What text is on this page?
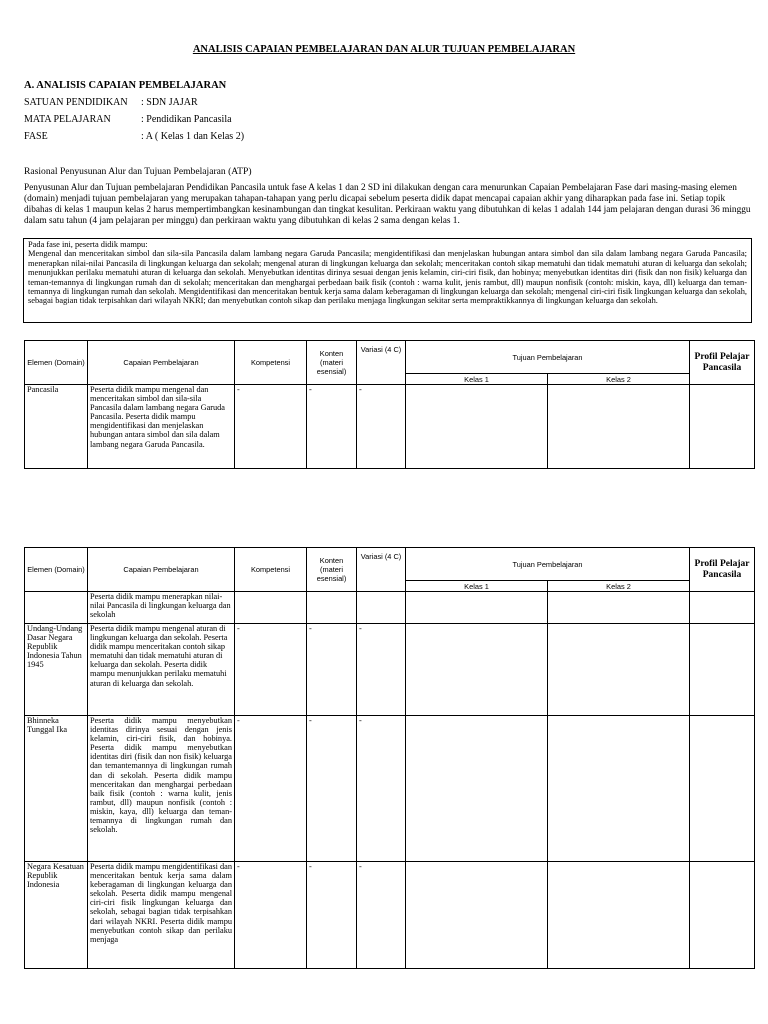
ANALISIS CAPAIAN PEMBELAJARAN DAN ALUR TUJUAN PEMBELAJARAN
A. ANALISIS CAPAIAN PEMBELAJARAN
SATUAN PENDIDIKAN : SDN JAJAR
MATA PELAJARAN	: Pendidikan Pancasila
FASE	: A ( Kelas 1 dan Kelas 2)
Rasional Penyusunan Alur dan Tujuan Pembelajaran (ATP)
Penyusunan Alur dan Tujuan pembelajaran Pendidikan Pancasila untuk fase A kelas 1 dan 2 SD ini dilakukan dengan cara menurunkan Capaian Pembelajaran Fase dari masing-masing elemen (domain) menjadi tujuan pembelajaran yang merupakan tahapan-tahapan yang perlu dicapai sebelum peserta didik dapat mencapai capaian akhir yang diharapkan pada fase ini. Setiap topik dibahas di kelas 1 maupun kelas 2 harus mempertimbangkan kesinambungan dan tingkat kesulitan. Perkiraan waktu yang dibutuhkan di kelas 1 adalah 144 jam pelajaran dengan durasi 36 minggu dalam satu tahun (4 jam pelajaran per minggu) dan perkiraan waktu yang dibutuhkan di kelas 2 sama dengan kelas 1.
Pada fase ini, peserta didik mampu:
Mengenal dan menceritakan simbol dan sila-sila Pancasila dalam lambang negara Garuda Pancasila; mengidentifikasi dan menjelaskan hubungan antara simbol dan sila dalam lambang negara Garuda Pancasila; menerapkan nilai-nilai Pancasila di lingkungan keluarga dan sekolah; mengenal aturan di lingkungan keluarga dan sekolah; menceritakan contoh sikap mematuhi dan tidak mematuhi aturan di keluarga dan sekolah; menunjukkan perilaku mematuhi aturan di keluarga dan sekolah. Menyebutkan identitas dirinya sesuai dengan jenis kelamin, ciri-ciri fisik, dan hobinya; menyebutkan identitas diri (fisik dan non fisik) keluarga dan teman-temannya di lingkungan rumah dan di sekolah; menceritakan dan menghargai perbedaan baik fisik (contoh : warna kulit, jenis rambut, dll) maupun nonfisik (contoh: miskin, kaya, dll) keluarga dan teman-temannya di lingkungan rumah dan sekolah. Mengidentifikasi dan menceritakan bentuk kerja sama dalam keberagaman di lingkungan keluarga dan sekolah; mengenal ciri-ciri fisik lingkungan keluarga dan sekolah, sebagai bagian tidak terpisahkan dari wilayah NKRI; dan menyebutkan contoh sikap dan perilaku menjaga lingkungan sekitar serta mempraktikkannya di lingkungan keluarga dan sekolah.
Elemen (Domain)	Capaian Pembelajaran	Kompetensi	Konten (materi esensial)	Variasi (4 C)	Tujuan Pembelajaran		Profil Pelajar Pancasila
					Kelas 1	Kelas 2	
Pancasila	Peserta didik mampu mengenal dan menceritakan simbol dan sila-sila Pancasila dalam lambang negara Garuda Pancasila. Peserta didik mampu mengidentifikasi dan menjelaskan hubungan antara simbol dan sila dalam lambang negara Garuda Pancasila.	-	-	-			
Elemen (Domain)	Capaian Pembelajaran	Kompetensi	Konten (materi esensial)	Variasi (4 C)	Tujuan Pembelajaran		Profil Pelajar Pancasila
					Kelas 1	Kelas 2	
	Peserta didik mampu menerapkan nilai-nilai Pancasila di lingkungan keluarga dan sekolah						
Undang-Undang Dasar Negara Republik Indonesia Tahun 1945	Peserta didik mampu mengenal aturan di lingkungan keluarga dan sekolah. Peserta didik mampu menceritakan contoh sikap mematuhi dan tidak mematuhi aturan di keluarga dan sekolah. Peserta didik mampu menunjukkan perilaku mematuhi aturan di keluarga dan sekolah.	-	-	-			
Bhinneka Tunggal Ika	Peserta didik mampu menyebutkan identitas dirinya sesuai dengan jenis kelamin, ciri-ciri fisik, dan hobinya. Peserta didik mampu menyebutkan identitas diri (fisik dan non fisik) keluarga dan temantemannya di lingkungan rumah dan di sekolah. Peserta didik mampu menceritakan dan menghargai perbedaan baik fisik (contoh : warna kulit, jenis rambut, dll) maupun nonfisik (contoh : miskin, kaya, dll) keluarga dan teman-temannya di lingkungan rumah dan sekolah.	-	-	-			
Negara Kesatuan Republik Indonesia	Peserta didik mampu mengidentifikasi dan menceritakan bentuk kerja sama dalam keberagaman di lingkungan keluarga dan sekolah. Peserta didik mampu mengenal ciri-ciri fisik lingkungan keluarga dan sekolah, sebagai bagian tidak terpisahkan dari wilayah NKRI. Peserta didik mampu menyebutkan contoh sikap dan perilaku menjaga	-	-	-			
